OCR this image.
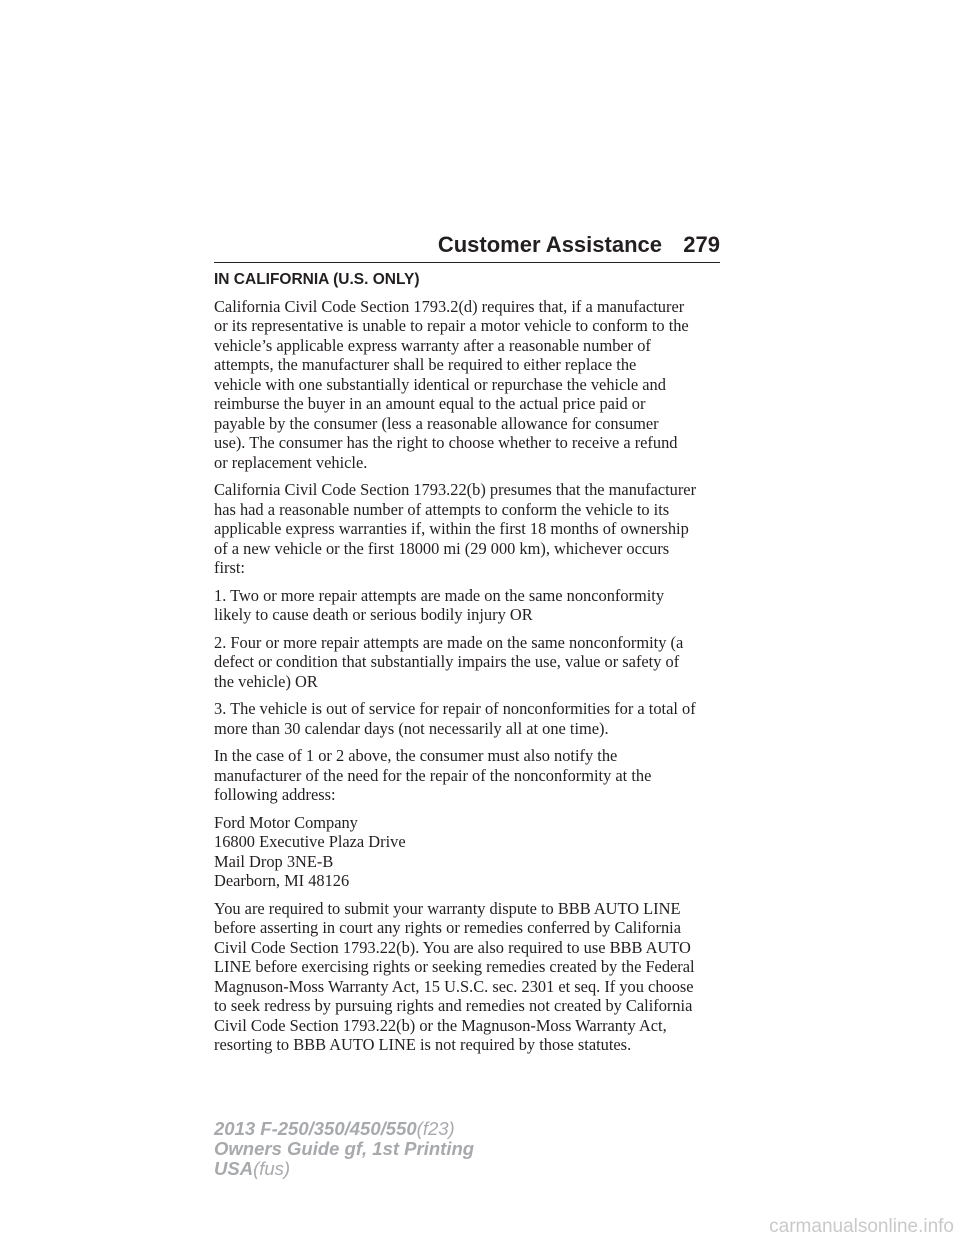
Customer Assistance 279
IN CALIFORNIA (U.S. ONLY)
California Civil Code Section 1793.2(d) requires that, if a manufacturer
or its representative is unable to repair a motor vehicle to conform to the
vehicle’s applicable express warranty after a reasonable number of
attempts, the manufacturer shall be required to either replace the
vehicle with one substantially identical or repurchase the vehicle and
reimburse the buyer in an amount equal to the actual price paid or
payable by the consumer (less a reasonable allowance for consumer
use). The consumer has the right to choose whether to receive a refund
or replacement vehicle.
California Civil Code Section 1793.22(b) presumes that the manufacturer
has had a reasonable number of attempts to conform the vehicle to its
applicable express warranties if, within the first 18 months of ownership
of a new vehicle or the first 18000 mi (29 000 km), whichever occurs
first:
1. Two or more repair attempts are made on the same nonconformity
likely to cause death or serious bodily injury OR
2. Four or more repair attempts are made on the same nonconformity (a
defect or condition that substantially impairs the use, value or safety of
the vehicle) OR
3. The vehicle is out of service for repair of nonconformities for a total of
more than 30 calendar days (not necessarily all at one time).
In the case of 1 or 2 above, the consumer must also notify the
manufacturer of the need for the repair of the nonconformity at the
following address:
Ford Motor Company
16800 Executive Plaza Drive
Mail Drop 3NE-B
Dearborn, MI 48126
You are required to submit your warranty dispute to BBB AUTO LINE
before asserting in court any rights or remedies conferred by California
Civil Code Section 1793.22(b). You are also required to use BBB AUTO
LINE before exercising rights or seeking remedies created by the Federal
Magnuson-Moss Warranty Act, 15 U.S.C. sec. 2301 et seq. If you choose
to seek redress by pursuing rights and remedies not created by California
Civil Code Section 1793.22(b) or the Magnuson-Moss Warranty Act,
resorting to BBB AUTO LINE is not required by those statutes.
2013 F-250/350/450/550(f23)
Owners Guide gf, 1st Printing
USA(fus)
carmanualsonline.info
